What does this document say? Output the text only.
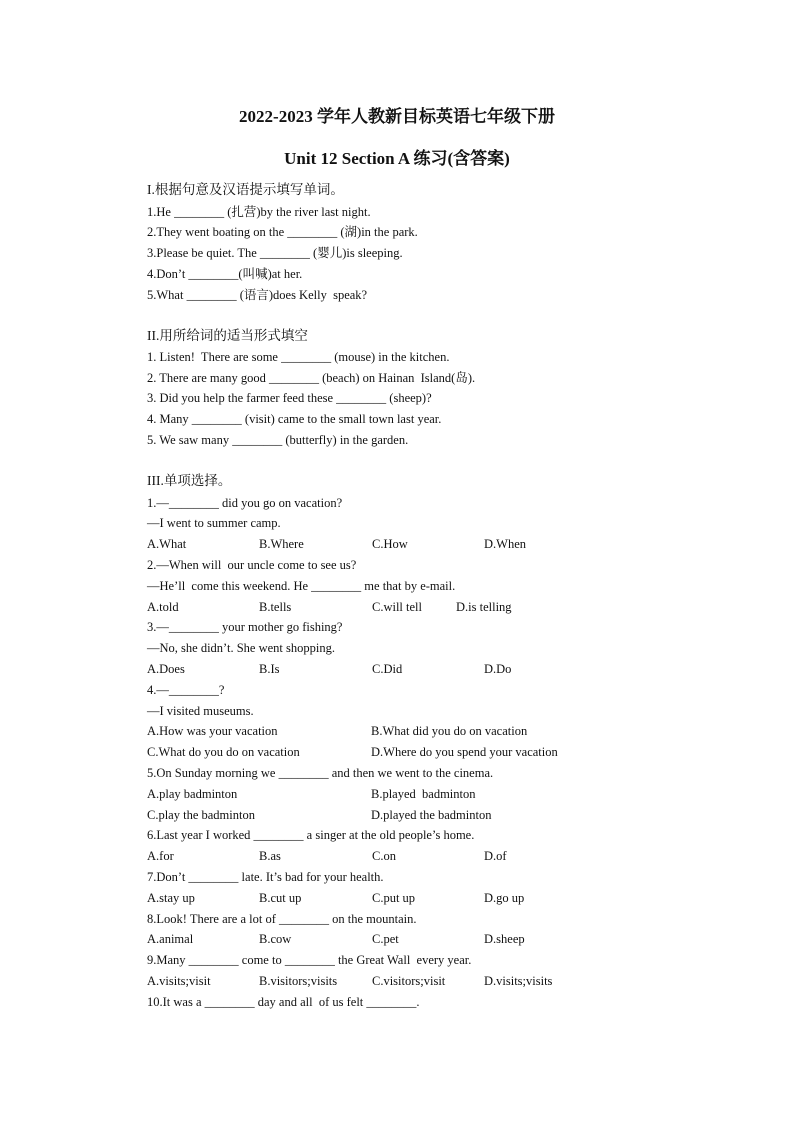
2022-2023 学年人教新目标英语七年级下册
Unit 12 Section A 练习(含答案)
I.根据句意及汉语提示填写单词。
1.He ________ (扎营)by the river last night.
2.They went boating on the ________ (湖)in the park.
3.Please be quiet. The ________ (婴儿)is sleeping.
4.Don’t ________(叫喊)at her.
5.What ________ (语言)does Kelly  speak?
II.用所给词的适当形式填空
1. Listen!  There are some ________ (mouse) in the kitchen.
2. There are many good ________ (beach) on Hainan  Island(岛).
3. Did you help the farmer feed these ________ (sheep)?
4. Many ________ (visit) came to the small town last year.
5. We saw many ________ (butterfly) in the garden.
III.单项选择。
1.—________ did you go on vacation?
—I went to summer camp.
A.What	B.Where	C.How	D.When
2.—When will  our uncle come to see us?
—He’ll  come this weekend. He ________ me that by e-mail.
A.told	B.tells	C.will tell	D.is telling
3.—________ your mother go fishing?
—No, she didn’t. She went shopping.
A.Does	B.Is	C.Did	D.Do
4.—________?
—I visited museums.
A.How was your vacation	B.What did you do on vacation
C.What do you do on vacation	D.Where do you spend your vacation
5.On Sunday morning we ________ and then we went to the cinema.
A.play badminton	B.played  badminton
C.play the badminton	D.played the badminton
6.Last year I worked ________ a singer at the old people’s home.
A.for	B.as	C.on	D.of
7.Don’t ________ late. It’s bad for your health.
A.stay up	B.cut up	C.put up	D.go up
8.Look! There are a lot of ________ on the mountain.
A.animal	B.cow	C.pet	D.sheep
9.Many ________ come to ________ the Great Wall  every year.
A.visits;visit	B.visitors;visits	C.visitors;visit	D.visits;visits
10.It was a ________ day and all  of us felt ________.
